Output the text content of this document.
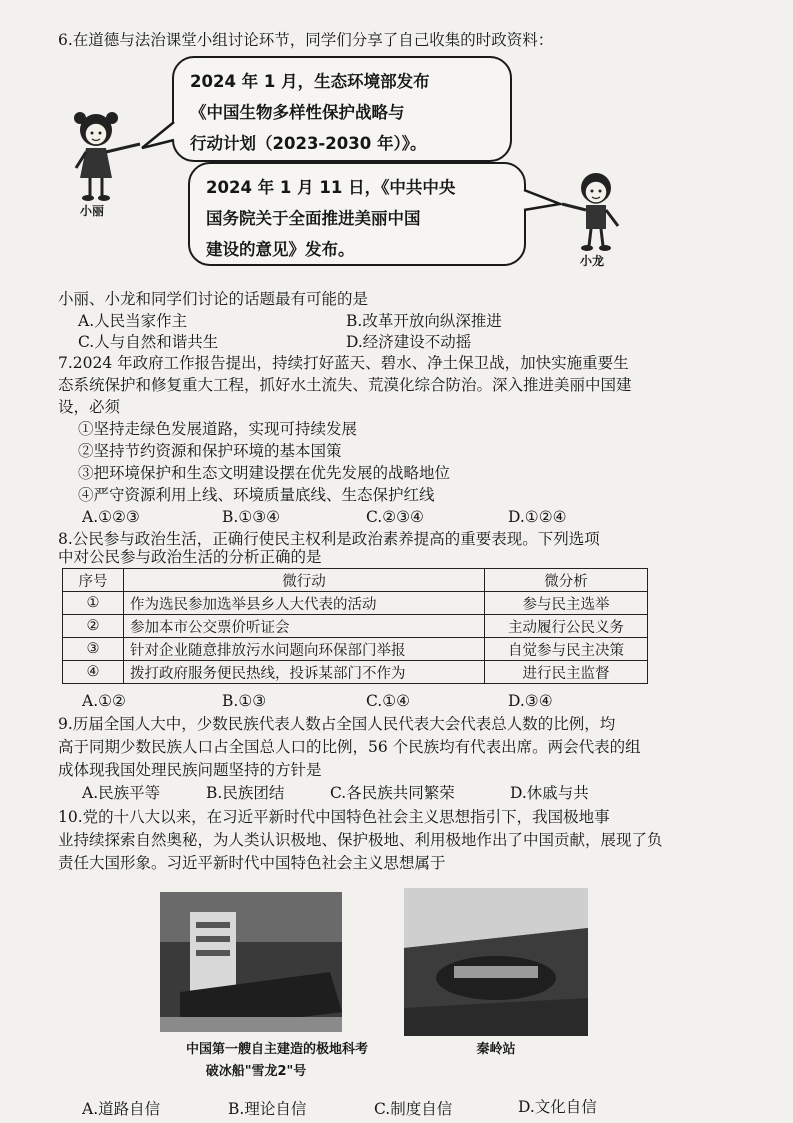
6.在道德与法治课堂小组讨论环节，同学们分享了自己收集的时政资料：
小丽
2024 年 1 月，生态环境部发布
《中国生物多样性保护战略与
行动计划（2023-2030 年）》。
2024 年 1 月 11 日，《中共中央
国务院关于全面推进美丽中国
建设的意见》发布。
小龙
小丽、小龙和同学们讨论的话题最有可能的是
A.人民当家作主	B.改革开放向纵深推进
C.人与自然和谐共生	D.经济建设不动摇
7.2024 年政府工作报告提出，持续打好蓝天、碧水、净土保卫战，加快实施重要生
态系统保护和修复重大工程，抓好水土流失、荒漠化综合防治。深入推进美丽中国建
设，必须
①坚持走绿色发展道路，实现可持续发展
②坚持节约资源和保护环境的基本国策
③把环境保护和生态文明建设摆在优先发展的战略地位
④严守资源利用上线、环境质量底线、生态保护红线
A.①②③	B.①③④	C.②③④	D.①②④
8.公民参与政治生活，正确行使民主权利是政治素养提高的重要表现。下列选项
中对公民参与政治生活的分析正确的是
序号	微行动	微分析
①	作为选民参加选举县乡人大代表的活动	参与民主选举
②	参加本市公交票价听证会	主动履行公民义务
③	针对企业随意排放污水问题向环保部门举报	自觉参与民主决策
④	拨打政府服务便民热线，投诉某部门不作为	进行民主监督
A.①②	B.①③	C.①④	D.③④
9.历届全国人大中，少数民族代表人数占全国人民代表大会代表总人数的比例，均
高于同期少数民族人口占全国总人口的比例，56 个民族均有代表出席。两会代表的组
成体现我国处理民族问题坚持的方针是
A.民族平等	B.民族团结	C.各民族共同繁荣	D.休戚与共
10.党的十八大以来，在习近平新时代中国特色社会主义思想指引下，我国极地事
业持续探索自然奥秘，为人类认识极地、保护极地、利用极地作出了中国贡献，展现了负
责任大国形象。习近平新时代中国特色社会主义思想属于
中国第一艘自主建造的极地科考
破冰船"雪龙2"号
秦岭站
A.道路自信	B.理论自信	C.制度自信	D.文化自信
